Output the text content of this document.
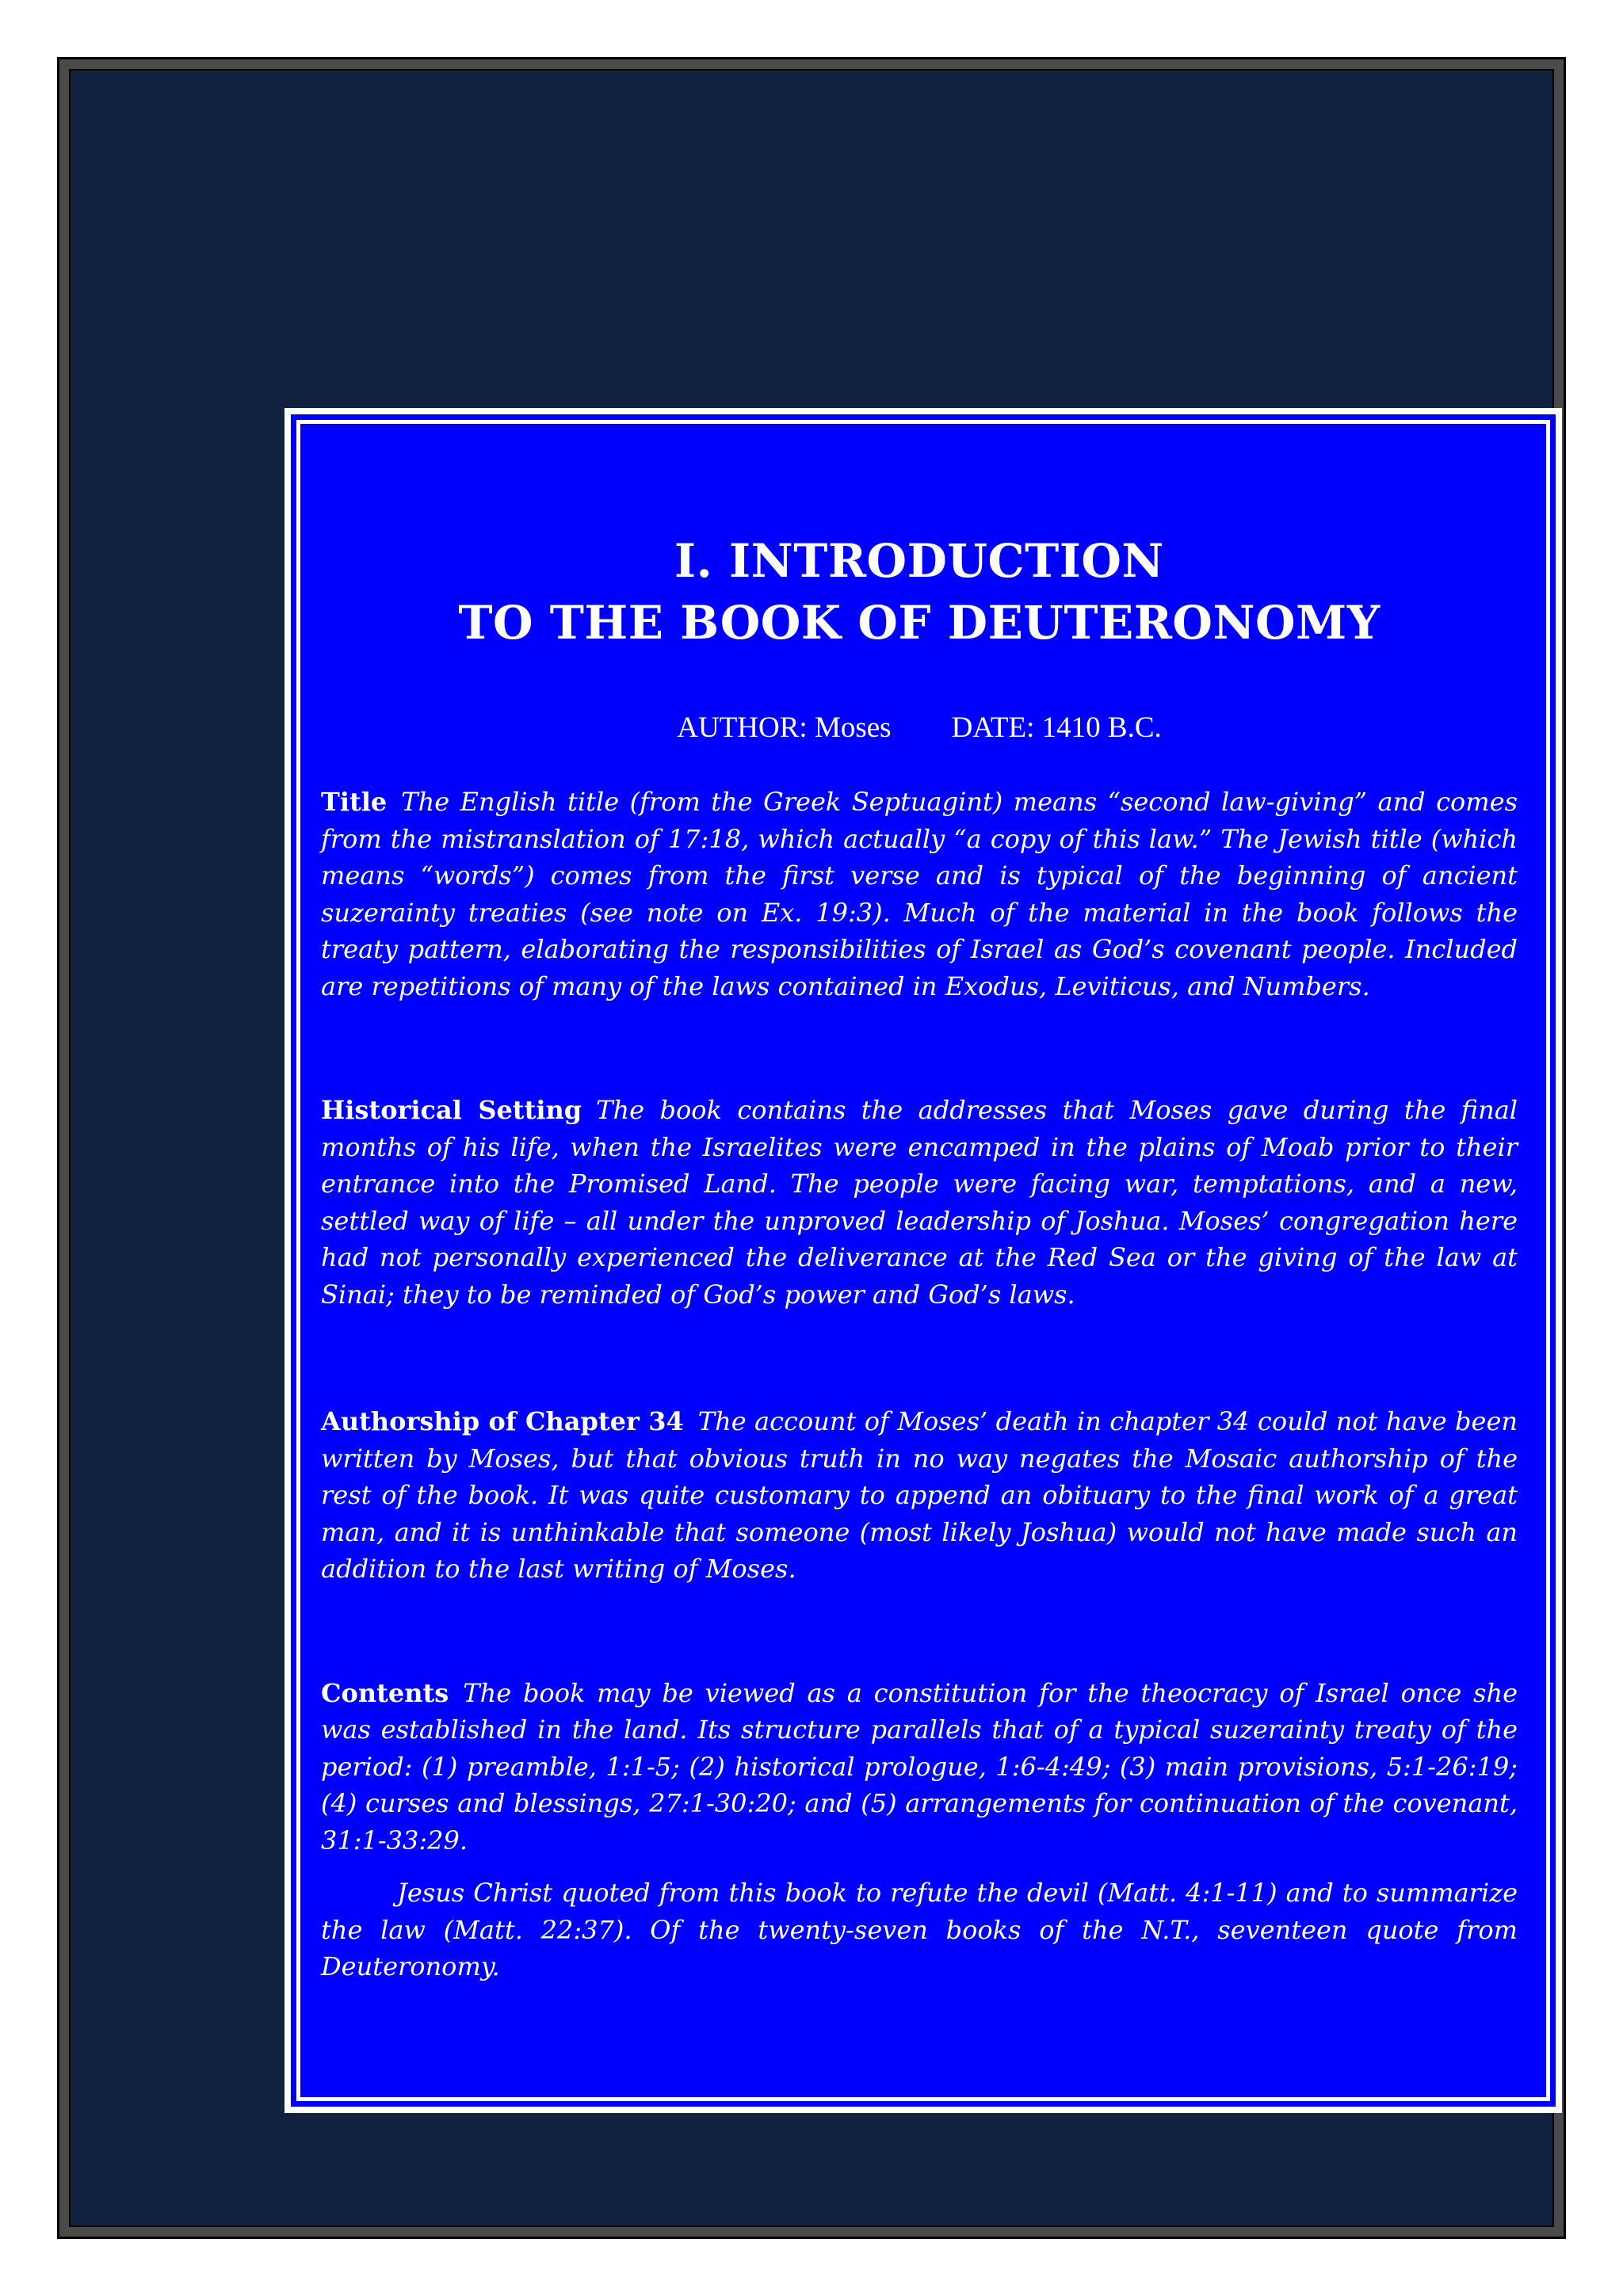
I. INTRODUCTION
TO THE BOOK OF DEUTERONOMY
AUTHOR: Moses DATE: 1410 B.C.

Title The English title (from the Greek Septuagint) means “second law-giving” and comes from the mistranslation of 17:18, which actually “a copy of this law.” The Jewish title (which means “words”) comes from the first verse and is typical of the beginning of ancient suzerainty treaties (see note on Ex. 19:3). Much of the material in the book follows the treaty pattern, elaborating the responsibilities of Israel as God’s covenant people. Included are repetitions of many of the laws contained in Exodus, Leviticus, and Numbers.

Historical Setting The book contains the addresses that Moses gave during the final months of his life, when the Israelites were encamped in the plains of Moab prior to their entrance into the Promised Land. The people were facing war, temptations, and a new, settled way of life – all under the unproved leadership of Joshua. Moses’ congregation here had not personally experienced the deliverance at the Red Sea or the giving of the law at Sinai; they to be reminded of God’s power and God’s laws.

Authorship of Chapter 34 The account of Moses’ death in chapter 34 could not have been written by Moses, but that obvious truth in no way negates the Mosaic authorship of the rest of the book. It was quite customary to append an obituary to the final work of a great man, and it is unthinkable that someone (most likely Joshua) would not have made such an addition to the last writing of Moses.

Contents The book may be viewed as a constitution for the theocracy of Israel once she was established in the land. Its structure parallels that of a typical suzerainty treaty of the period: (1) preamble, 1:1-5; (2) historical prologue, 1:6-4:49; (3) main provisions, 5:1-26:19; (4) curses and blessings, 27:1-30:20; and (5) arrangements for continuation of the covenant, 31:1-33:29.

Jesus Christ quoted from this book to refute the devil (Matt. 4:1-11) and to summarize the law (Matt. 22:37). Of the twenty-seven books of the N.T., seventeen quote from Deuteronomy.
